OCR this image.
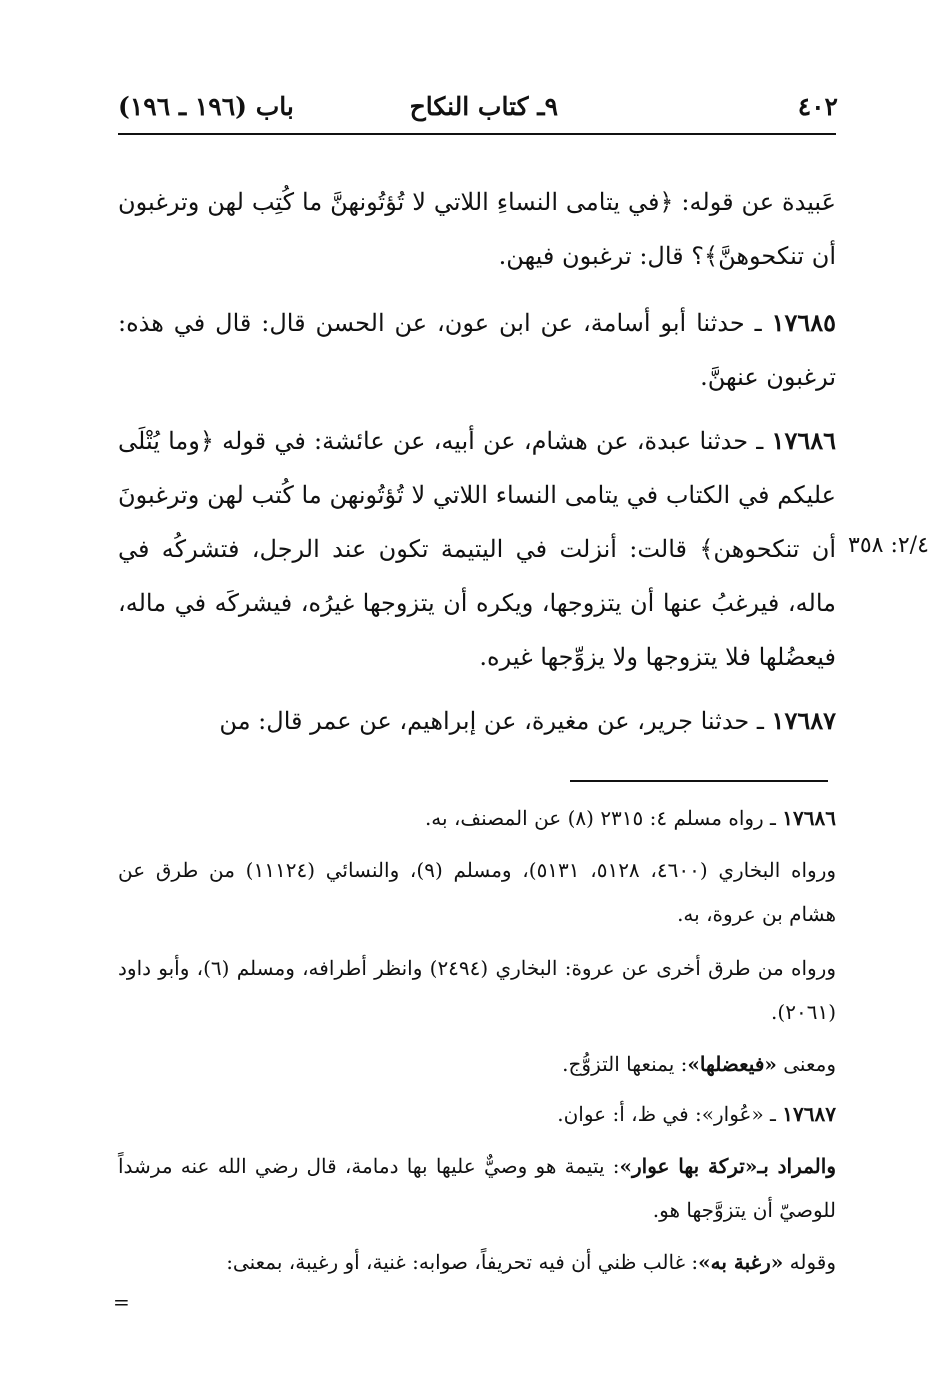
٤٠٢
٩ـ كتاب النكاح
باب (١٩٦ ـ ١٩٦)

عَبيدة عن قوله: ﴿في يتامى النساءِ اللاتي لا تُؤتُونهنَّ ما كُتِب لهن وترغبون أن تنكحوهنَّ﴾؟ قال: ترغبون فيهن.

١٧٦٨٥ ـ حدثنا أبو أسامة، عن ابن عون، عن الحسن قال: قال في هذه: ترغبون عنهنَّ.

١٧٦٨٦ ـ حدثنا عبدة، عن هشام، عن أبيه، عن عائشة: في قوله ﴿وما يُتْلَى عليكم في الكتاب في يتامى النساء اللاتي لا تُؤتُونهن ما كُتب لهن وترغبونَ أن تنكحوهن﴾ قالت: أنزلت في اليتيمة تكون عند الرجل، فتشركُه في ماله، فيرغبُ عنها أن يتزوجها، ويكره أن يتزوجها غيرُه، فيشركَه في ماله، فيعضُلها فلا يتزوجها ولا يزوِّجها غيره.

٢/٤: ٣٥٨

١٧٦٨٧ ـ حدثنا جرير، عن مغيرة، عن إبراهيم، عن عمر قال: من

١٧٦٨٦ ـ رواه مسلم ٤: ٢٣١٥ (٨) عن المصنف، به.

ورواه البخاري (٤٦٠٠، ٥١٢٨، ٥١٣١)، ومسلم (٩)، والنسائي (١١١٢٤) من طرق عن هشام بن عروة، به.

ورواه من طرق أخرى عن عروة: البخاري (٢٤٩٤) وانظر أطرافه، ومسلم (٦)، وأبو داود (٢٠٦١).

ومعنى «فيعضلها»: يمنعها التزوُّج.

١٧٦٨٧ ـ «عُوار»: في ظ، أ: عوان.

والمراد بـ«تركة بها عوار»: يتيمة هو وصيٌّ عليها بها دمامة، قال رضي الله عنه مرشداً للوصيّ أن يتزوَّجها هو.

وقوله «رغبة به»: غالب ظني أن فيه تحريفاً، صوابه: غنية، أو رغيبة، بمعنى:

=
